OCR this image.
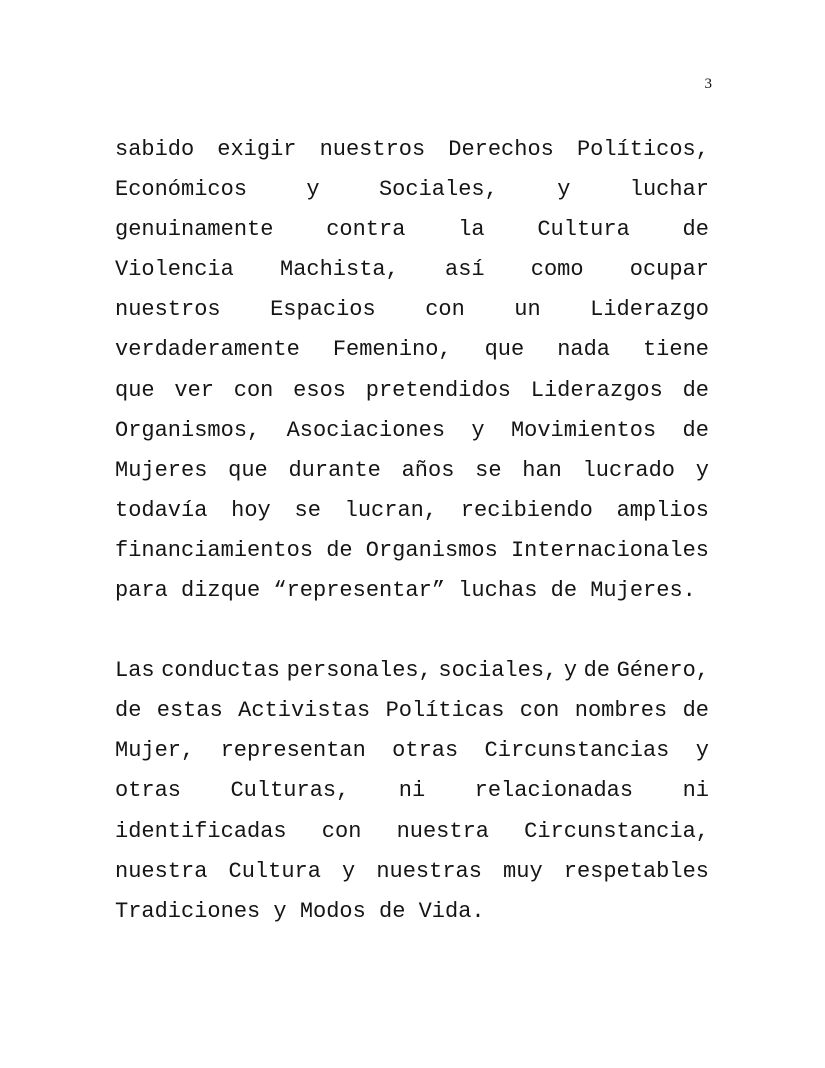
3
sabido exigir nuestros Derechos Políticos,
Económicos	y	Sociales,	y	luchar
genuinamente contra la Cultura de
Violencia Machista, así como ocupar
nuestros Espacios con un Liderazgo
verdaderamente Femenino, que nada tiene
que ver con esos pretendidos Liderazgos de
Organismos, Asociaciones y Movimientos de
Mujeres que durante años se han lucrado y
todavía hoy se lucran, recibiendo amplios
financiamientos de Organismos Internacionales
para dizque “representar” luchas de Mujeres.
Las conductas personales, sociales, y de Género,
de estas Activistas Políticas con nombres de
Mujer, representan otras Circunstancias y
otras Culturas, ni relacionadas ni
identificadas con nuestra Circunstancia,
nuestra Cultura y nuestras muy respetables
Tradiciones y Modos de Vida.
